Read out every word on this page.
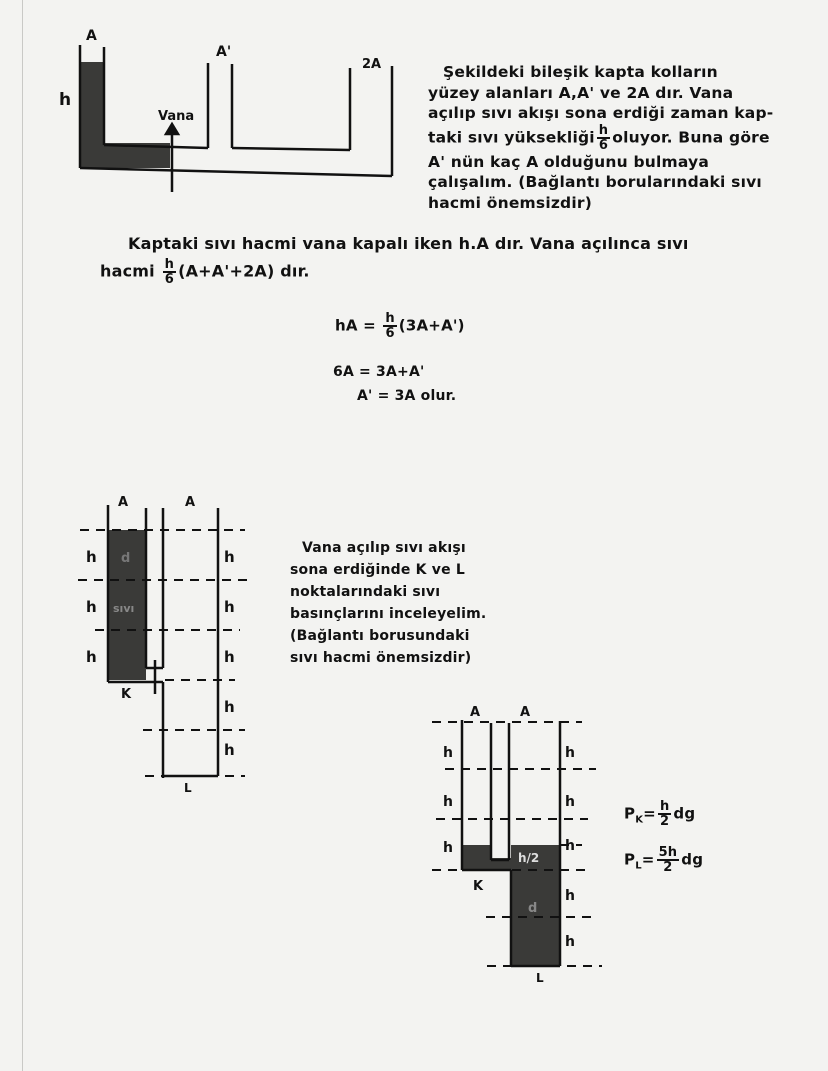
A
A'
2A
h
Vana
Şekildeki bileşik kapta kolların
yüzey alanları A,A' ve 2A dır. Vana
açılıp sıvı akışı sona erdiği zaman kap-
taki sıvı yüksekliği $\frac{h}{6}$ oluyor. Buna göre
A' nün kaç A olduğunu bulmaya
çalışalım. (Bağlantı borularındaki sıvı
hacmi önemsizdir)
Kaptaki sıvı hacmi vana kapalı iken h.A dır. Vana açılınca sıvı
hacmi $\frac{h}{6} (A+A'+2A)$ dır.
hA = $\frac{h}{6} (3A+A')$
6A = 3A+A'
A' = 3A olur.
A	A
h
h
h
h
h
h
h
h
d
sıvı
K
L
Vana açılıp sıvı akışı
sona erdiğinde K ve L
noktalarındaki sıvı
basınçlarını inceleyelim.
(Bağlantı borusundaki
sıvı hacmi önemsizdir)
A	A
h
h
h
h
h
h
h
h
h/2
d
K
L
$P_K= \frac{h}{2}$ dg
$P_L= \frac{5h}{2}$ dg
